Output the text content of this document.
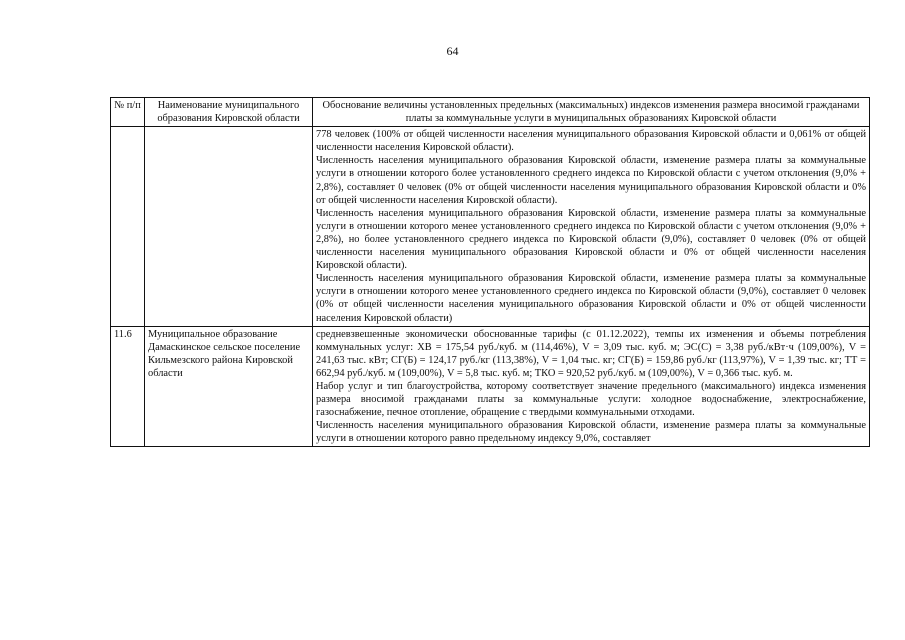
64
№ п/п	Наименование муниципального образования Кировской области	Обоснование величины установленных предельных (максимальных) индексов изменения размера вносимой гражданами платы за коммунальные услуги в муниципальных образованиях Кировской области

		778 человек (100% от общей численности населения муниципального образования Кировской области и 0,061% от общей численности населения Кировской области).

Численность населения муниципального образования Кировской области, изменение размера платы за коммунальные услуги в отношении которого более установленного среднего индекса по Кировской области с учетом отклонения (9,0% + 2,8%), составляет 0 человек (0% от общей численности населения муниципального образования Кировской области и 0% от общей численности населения Кировской области).

Численность населения муниципального образования Кировской области, изменение размера платы за коммунальные услуги в отношении которого менее установленного среднего индекса по Кировской области с учетом отклонения (9,0% + 2,8%), но более установленного среднего индекса по Кировской области (9,0%), составляет 0 человек (0% от общей численности населения муниципального образования Кировской области и 0% от общей численности населения Кировской области).

Численность населения муниципального образования Кировской области, изменение размера платы за коммунальные услуги в отношении которого менее установленного среднего индекса по Кировской области (9,0%), составляет 0 человек (0% от общей численности населения муниципального образования Кировской области и 0% от общей численности населения Кировской области)

11.6	Муниципальное образование Дамаскинское сельское поселение Кильмезского района Кировской области	средневзвешенные экономически обоснованные тарифы (с 01.12.2022), темпы их изменения и объемы потребления коммунальных услуг: ХВ = 175,54 руб./куб. м (114,46%), V = 3,09 тыс. куб. м; ЭС(С) = 3,38 руб./кВт·ч (109,00%), V = 241,63 тыс. кВт; СГ(Б) = 124,17 руб./кг (113,38%), V = 1,04 тыс. кг; СГ(Б) = 159,86 руб./кг (113,97%), V = 1,39 тыс. кг; ТТ = 662,94 руб./куб. м (109,00%), V = 5,8 тыс. куб. м; ТКО = 920,52 руб./куб. м (109,00%), V = 0,366 тыс. куб. м.

Набор услуг и тип благоустройства, которому соответствует значение предельного (максимального) индекса изменения размера вносимой гражданами платы за коммунальные услуги: холодное водоснабжение, электроснабжение, газоснабжение, печное отопление, обращение с твердыми коммунальными отходами.

Численность населения муниципального образования Кировской области, изменение размера платы за коммунальные услуги в отношении которого равно предельному индексу 9,0%, составляет
